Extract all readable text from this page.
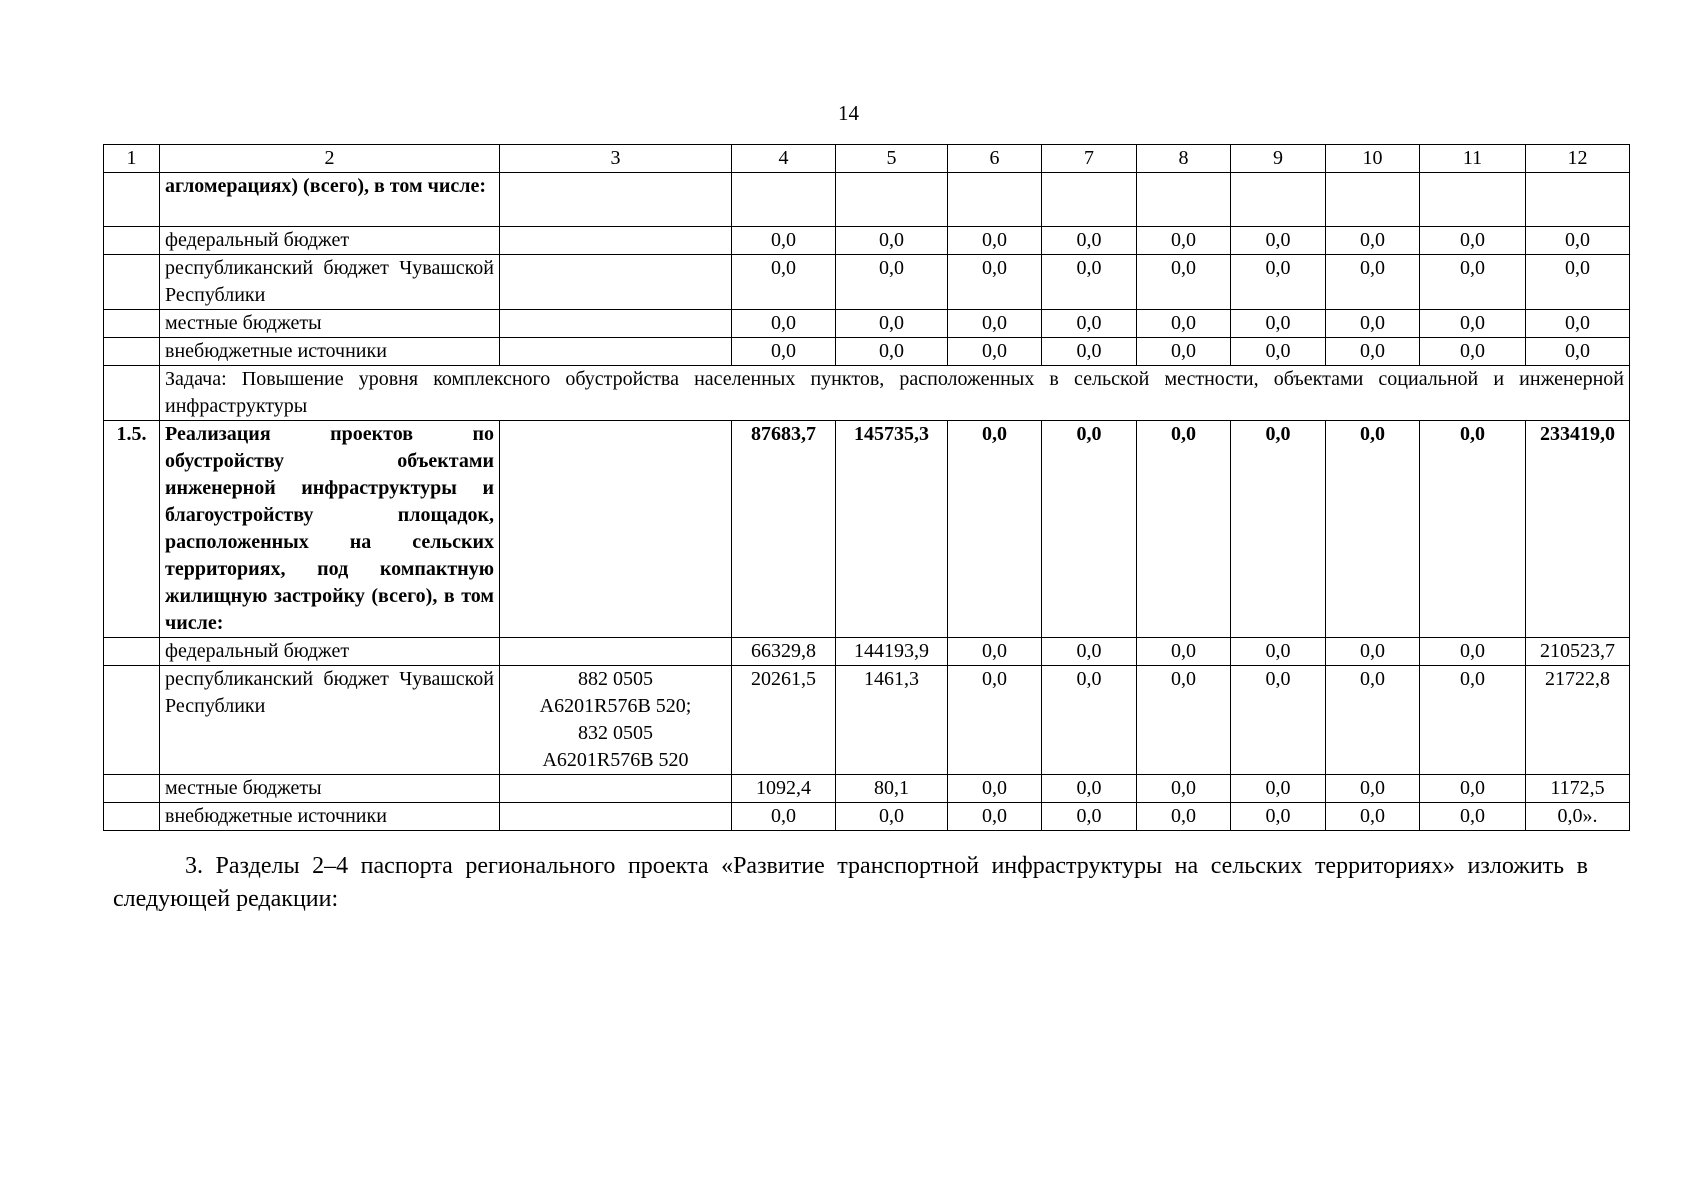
14
1	2	3	4	5	6	7	8	9	10	11	12
	агломерациях) (всего), в том числе:										
	федеральный бюджет		0,0	0,0	0,0	0,0	0,0	0,0	0,0	0,0	0,0
	республиканский бюджет Чувашской Республики		0,0	0,0	0,0	0,0	0,0	0,0	0,0	0,0	0,0
	местные бюджеты		0,0	0,0	0,0	0,0	0,0	0,0	0,0	0,0	0,0
	внебюджетные источники		0,0	0,0	0,0	0,0	0,0	0,0	0,0	0,0	0,0
	Задача: Повышение уровня комплексного обустройства населенных пунктов, расположенных в сельской местности, объектами социальной и инженерной инфраструктуры										
1.5.	Реализация проектов по обустройству объектами инженерной инфраструктуры и благоустройству площадок, расположенных на сельских территориях, под компактную жилищную застройку (всего), в том числе:		87683,7	145735,3	0,0	0,0	0,0	0,0	0,0	0,0	233419,0
	федеральный бюджет		66329,8	144193,9	0,0	0,0	0,0	0,0	0,0	0,0	210523,7
	республиканский бюджет Чувашской Республики	882 0505
А6201R576В 520;
832 0505
А6201R576В 520	20261,5	1461,3	0,0	0,0	0,0	0,0	0,0	0,0	21722,8
	местные бюджеты		1092,4	80,1	0,0	0,0	0,0	0,0	0,0	0,0	1172,5
	внебюджетные источники		0,0	0,0	0,0	0,0	0,0	0,0	0,0	0,0	0,0».
3. Разделы 2–4 паспорта регионального проекта «Развитие транспортной инфраструктуры на сельских территориях» изложить в следующей редакции:
